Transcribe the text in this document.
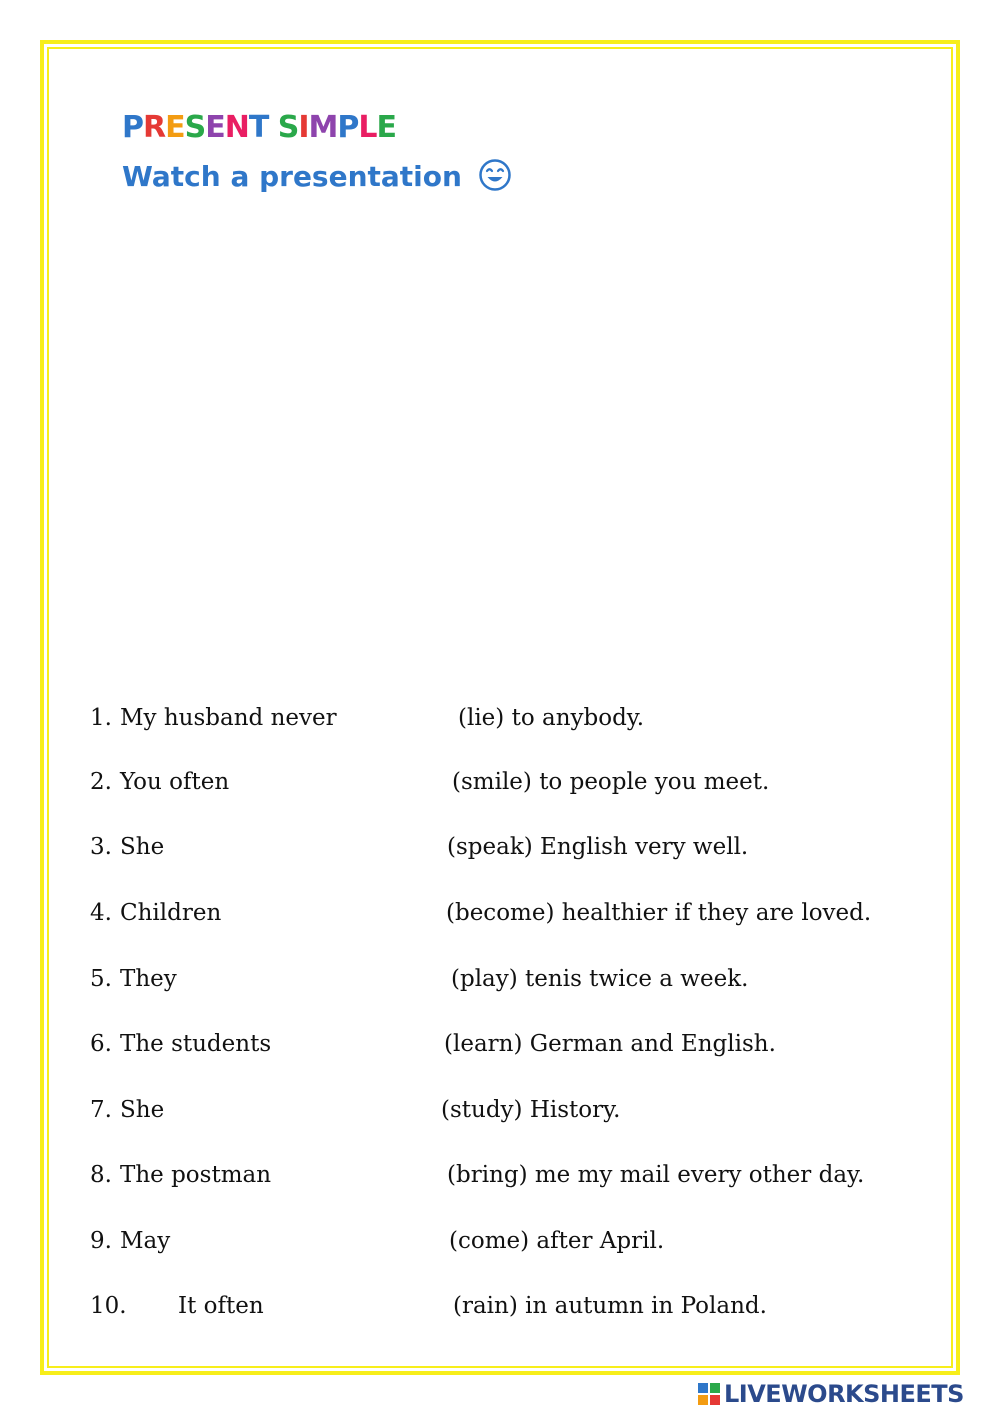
PRESENT SIMPLE
Watch a presentation
1. My husband never	(lie) to anybody.
2. You often	(smile) to people you meet.
3. She	(speak) English very well.
4. Children	(become) healthier if they are loved.
5. They	(play) tenis twice a week.
6. The students	(learn) German and English.
7. She	(study) History.
8. The postman	(bring) me my mail every other day.
9. May	(come) after April.
10. It often	(rain) in autumn in Poland.
LIVEWORKSHEETS
